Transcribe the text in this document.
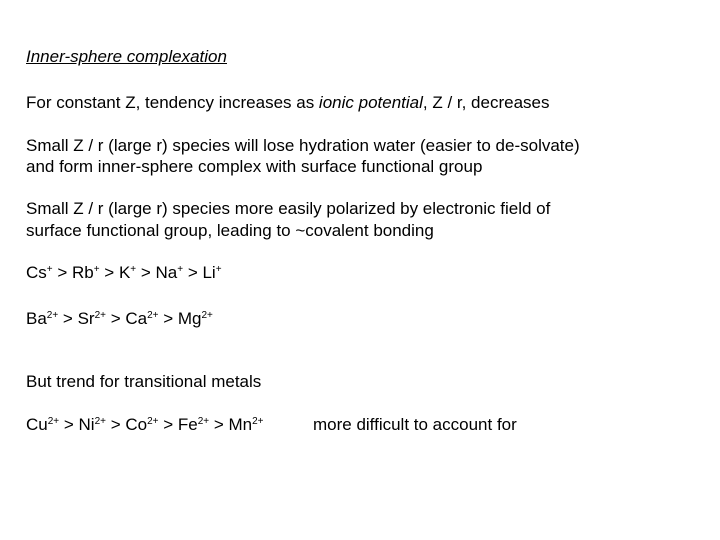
Inner-sphere complexation
For constant Z, tendency increases as ionic potential, Z / r, decreases
Small Z / r (large r) species will lose hydration water (easier to de-solvate)
and form inner-sphere complex with surface functional group
Small Z / r (large r) species more easily polarized by electronic field of
surface functional group, leading to ~covalent bonding
Cs+ > Rb+ > K+ > Na+ > Li+
$Ba^{2+} > Sr^{2+} > Ca^{2+} > Mg^{2+}$
But trend for transitional metals
$Cu^{2+} > Ni^{2+} > Co^{2+} > Fe^{2+} > Mn^{2+}$	more difficult to account for
